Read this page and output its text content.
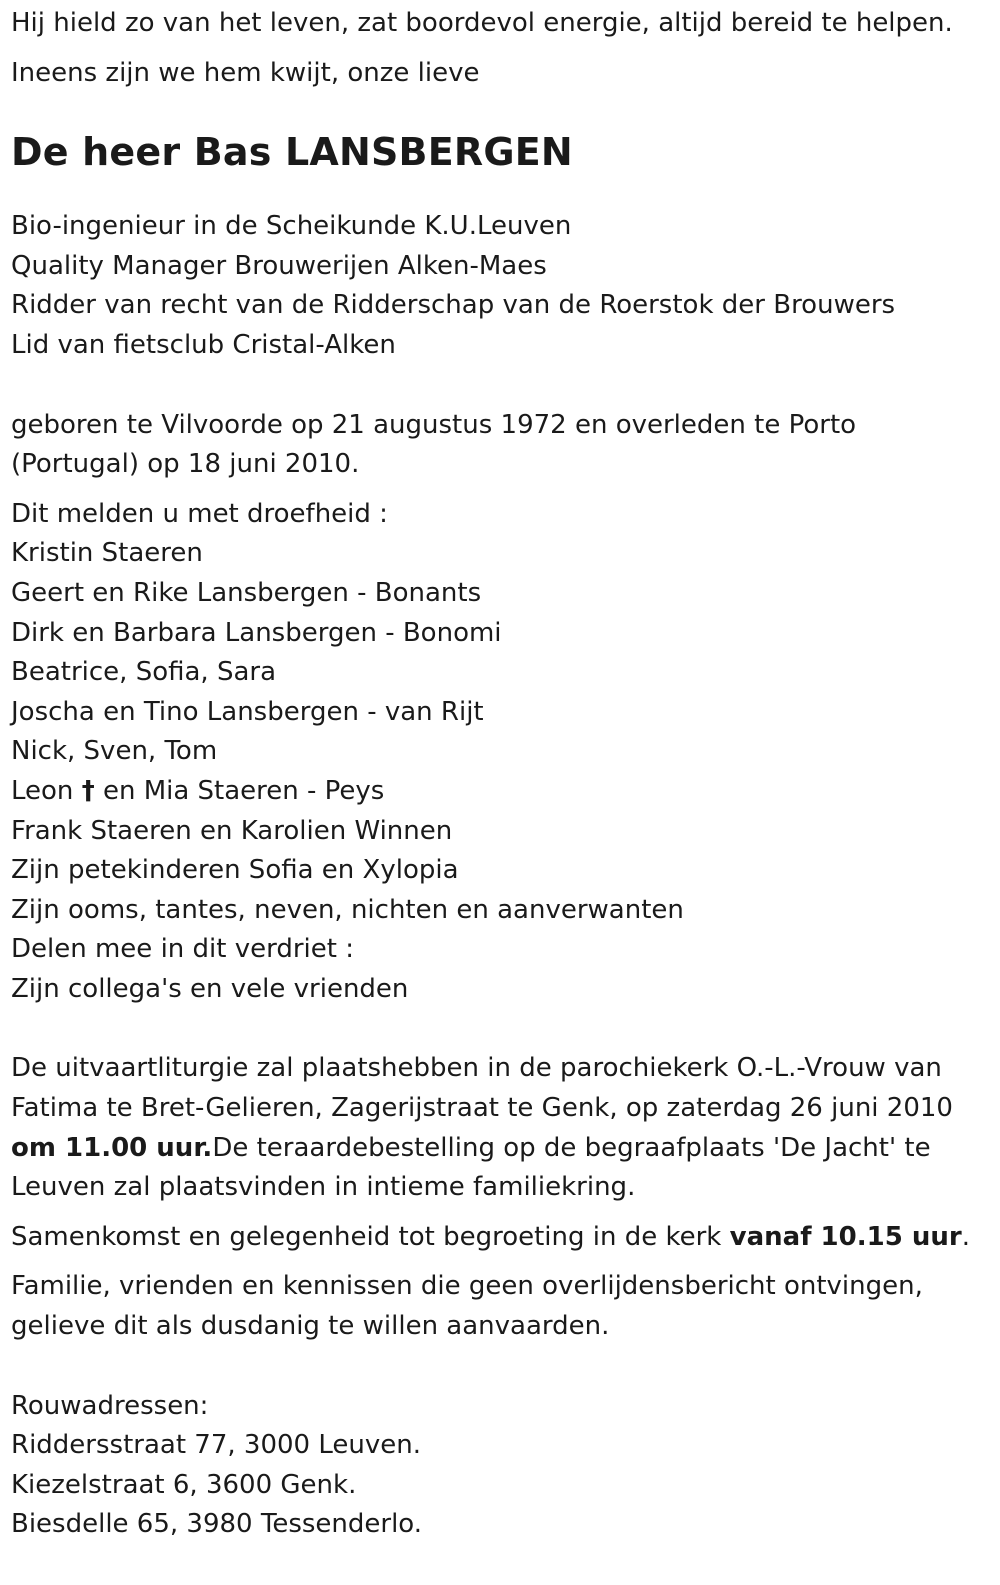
Hij hield zo van het leven, zat boordevol energie, altijd bereid te helpen.
Ineens zijn we hem kwijt, onze lieve
De heer Bas LANSBERGEN
Bio-ingenieur in de Scheikunde K.U.Leuven
Quality Manager Brouwerijen Alken-Maes
Ridder van recht van de Ridderschap van de Roerstok der Brouwers
Lid van fietsclub Cristal-Alken
geboren te Vilvoorde op 21 augustus 1972 en overleden te Porto
(Portugal) op 18 juni 2010.
Dit melden u met droefheid :
Kristin Staeren
Geert en Rike Lansbergen - Bonants
Dirk en Barbara Lansbergen - Bonomi
Beatrice, Sofia, Sara
Joscha en Tino Lansbergen - van Rijt
Nick, Sven, Tom
Leon † en Mia Staeren - Peys
Frank Staeren en Karolien Winnen
Zijn petekinderen Sofia en Xylopia
Zijn ooms, tantes, neven, nichten en aanverwanten
Delen mee in dit verdriet :
Zijn collega's en vele vrienden
De uitvaartliturgie zal plaatshebben in de parochiekerk O.-L.-Vrouw van
Fatima te Bret-Gelieren, Zagerijstraat te Genk, op zaterdag 26 juni 2010
om 11.00 uur.De teraardebestelling op de begraafplaats 'De Jacht' te
Leuven zal plaatsvinden in intieme familiekring.
Samenkomst en gelegenheid tot begroeting in de kerk vanaf 10.15 uur.
Familie, vrienden en kennissen die geen overlijdensbericht ontvingen,
gelieve dit als dusdanig te willen aanvaarden.
Rouwadressen:
Riddersstraat 77, 3000 Leuven.
Kiezelstraat 6, 3600 Genk.
Biesdelle 65, 3980 Tessenderlo.
